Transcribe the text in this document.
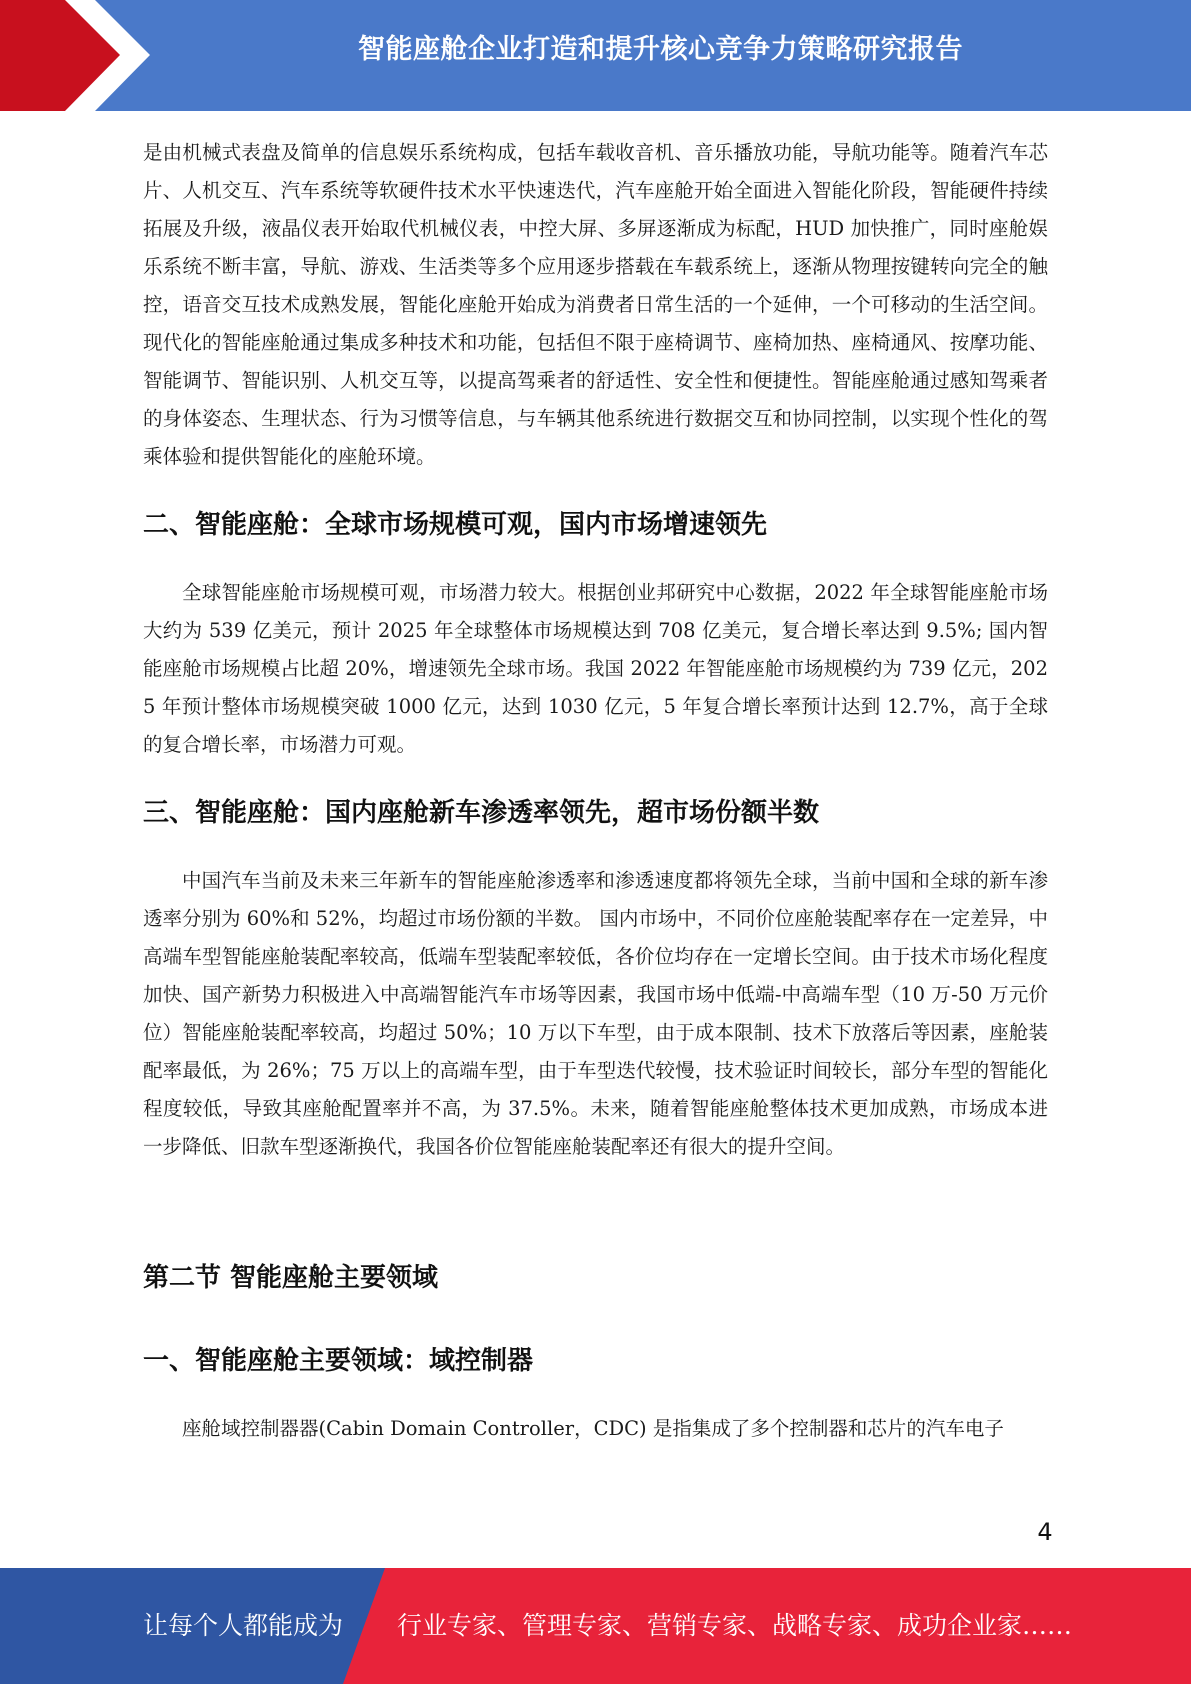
智能座舱企业打造和提升核心竞争力策略研究报告

是由机械式表盘及简单的信息娱乐系统构成，包括车载收音机、音乐播放功能，导航功能等。随着汽车芯片、人机交互、汽车系统等软硬件技术水平快速迭代，汽车座舱开始全面进入智能化阶段，智能硬件持续拓展及升级，液晶仪表开始取代机械仪表，中控大屏、多屏逐渐成为标配，HUD 加快推广，同时座舱娱乐系统不断丰富，导航、游戏、生活类等多个应用逐步搭载在车载系统上，逐渐从物理按键转向完全的触控，语音交互技术成熟发展，智能化座舱开始成为消费者日常生活的一个延伸，一个可移动的生活空间。 现代化的智能座舱通过集成多种技术和功能，包括但不限于座椅调节、座椅加热、座椅通风、按摩功能、智能调节、智能识别、人机交互等，以提高驾乘者的舒适性、安全性和便捷性。智能座舱通过感知驾乘者的身体姿态、生理状态、行为习惯等信息，与车辆其他系统进行数据交互和协同控制，以实现个性化的驾乘体验和提供智能化的座舱环境。

二、智能座舱：全球市场规模可观，国内市场增速领先

全球智能座舱市场规模可观，市场潜力较大。根据创业邦研究中心数据，2022 年全球智能座舱市场大约为 539 亿美元，预计 2025 年全球整体市场规模达到 708 亿美元，复合增长率达到 9.5%; 国内智能座舱市场规模占比超 20%，增速领先全球市场。我国 2022 年智能座舱市场规模约为 739 亿元，2025 年预计整体市场规模突破 1000 亿元，达到 1030 亿元，5 年复合增长率预计达到 12.7%，高于全球的复合增长率，市场潜力可观。

三、智能座舱：国内座舱新车渗透率领先，超市场份额半数

中国汽车当前及未来三年新车的智能座舱渗透率和渗透速度都将领先全球，当前中国和全球的新车渗透率分别为 60%和 52%，均超过市场份额的半数。 国内市场中，不同价位座舱装配率存在一定差异，中高端车型智能座舱装配率较高，低端车型装配率较低，各价位均存在一定增长空间。由于技术市场化程度加快、国产新势力积极进入中高端智能汽车市场等因素，我国市场中低端-中高端车型（10 万-50 万元价位）智能座舱装配率较高，均超过 50%；10 万以下车型，由于成本限制、技术下放落后等因素，座舱装配率最低，为 26%；75 万以上的高端车型，由于车型迭代较慢，技术验证时间较长，部分车型的智能化程度较低，导致其座舱配置率并不高，为 37.5%。未来，随着智能座舱整体技术更加成熟，市场成本进一步降低、旧款车型逐渐换代，我国各价位智能座舱装配率还有很大的提升空间。

第二节 智能座舱主要领域
一、智能座舱主要领域：域控制器

座舱域控制器器(Cabin Domain Controller，CDC) 是指集成了多个控制器和芯片的汽车电子

4
让每个人都能成为 行业专家、管理专家、营销专家、战略专家、成功企业家……
